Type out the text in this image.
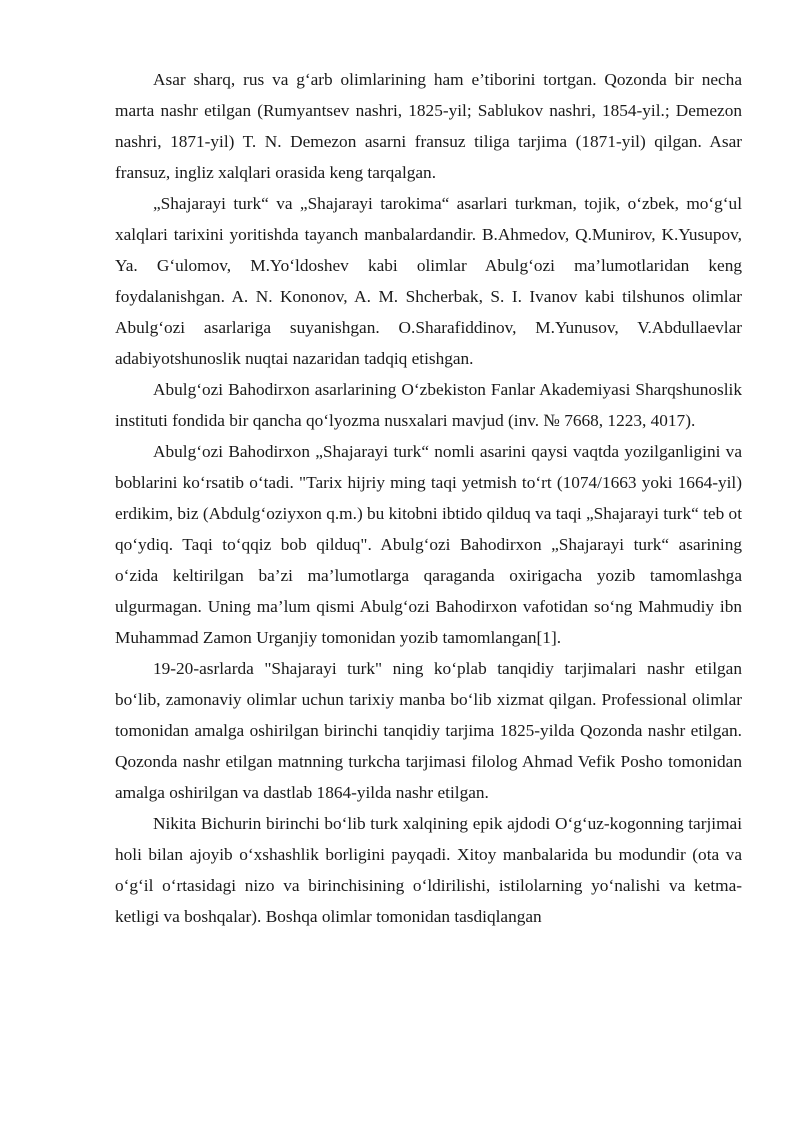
Asar sharq, rus va g‘arb olimlarining ham e’tiborini tortgan. Qozonda bir necha marta nashr etilgan (Rumyantsev nashri, 1825-yil; Sablukov nashri, 1854-yil.; Demezon nashri, 1871-yil) T. N. Demezon asarni fransuz tiliga tarjima (1871-yil) qilgan. Asar fransuz, ingliz xalqlari orasida keng tarqalgan.

„Shajarayi turk“ va „Shajarayi tarokima“ asarlari turkman, tojik, o‘zbek, mo‘g‘ul xalqlari tarixini yoritishda tayanch manbalardandir. B.Ahmedov, Q.Munirov, K.Yusupov, Ya. G‘ulomov, M.Yo‘ldoshev kabi olimlar Abulg‘ozi ma’lumotlaridan keng foydalanishgan. A. N. Kononov, A. M. Shcherbak, S. I. Ivanov kabi tilshunos olimlar Abulg‘ozi asarlariga suyanishgan. O.Sharafiddinov, M.Yunusov, V.Abdullaevlar adabiyotshunoslik nuqtai nazaridan tadqiq etishgan.

Abulg‘ozi Bahodirxon asarlarining O‘zbekiston Fanlar Akademiyasi Sharqshunoslik instituti fondida bir qancha qo‘lyozma nusxalari mavjud (inv. № 7668, 1223, 4017).

Abulg‘ozi Bahodirxon „Shajarayi turk“ nomli asarini qaysi vaqtda yozilganligini va boblarini ko‘rsatib o‘tadi. "Tarix hijriy ming taqi yetmish to‘rt (1074/1663 yoki 1664-yil) erdikim, biz (Abdulg‘oziyxon q.m.) bu kitobni ibtido qilduq va taqi „Shajarayi turk“ teb ot qo‘ydiq. Taqi to‘qqiz bob qilduq". Abulg‘ozi Bahodirxon „Shajarayi turk“ asarining o‘zida keltirilgan ba’zi ma’lumotlarga qaraganda oxirigacha yozib tamomlashga ulgurmagan. Uning ma’lum qismi Abulg‘ozi Bahodirxon vafotidan so‘ng Mahmudiy ibn Muhammad Zamon Urganjiy tomonidan yozib tamomlangan[1].

19-20-asrlarda "Shajarayi turk" ning ko‘plab tanqidiy tarjimalari nashr etilgan bo‘lib, zamonaviy olimlar uchun tarixiy manba bo‘lib xizmat qilgan. Professional olimlar tomonidan amalga oshirilgan birinchi tanqidiy tarjima 1825-yilda Qozonda nashr etilgan. Qozonda nashr etilgan matnning turkcha tarjimasi filolog Ahmad Vefik Posho tomonidan amalga oshirilgan va dastlab 1864-yilda nashr etilgan.

Nikita Bichurin birinchi bo‘lib turk xalqining epik ajdodi O‘g‘uz-kogonning tarjimai holi bilan ajoyib o‘xshashlik borligini payqadi. Xitoy manbalarida bu modundir (ota va o‘g‘il o‘rtasidagi nizo va birinchisining o‘ldirilishi, istilolarning yo‘nalishi va ketma-ketligi va boshqalar). Boshqa olimlar tomonidan tasdiqlangan
